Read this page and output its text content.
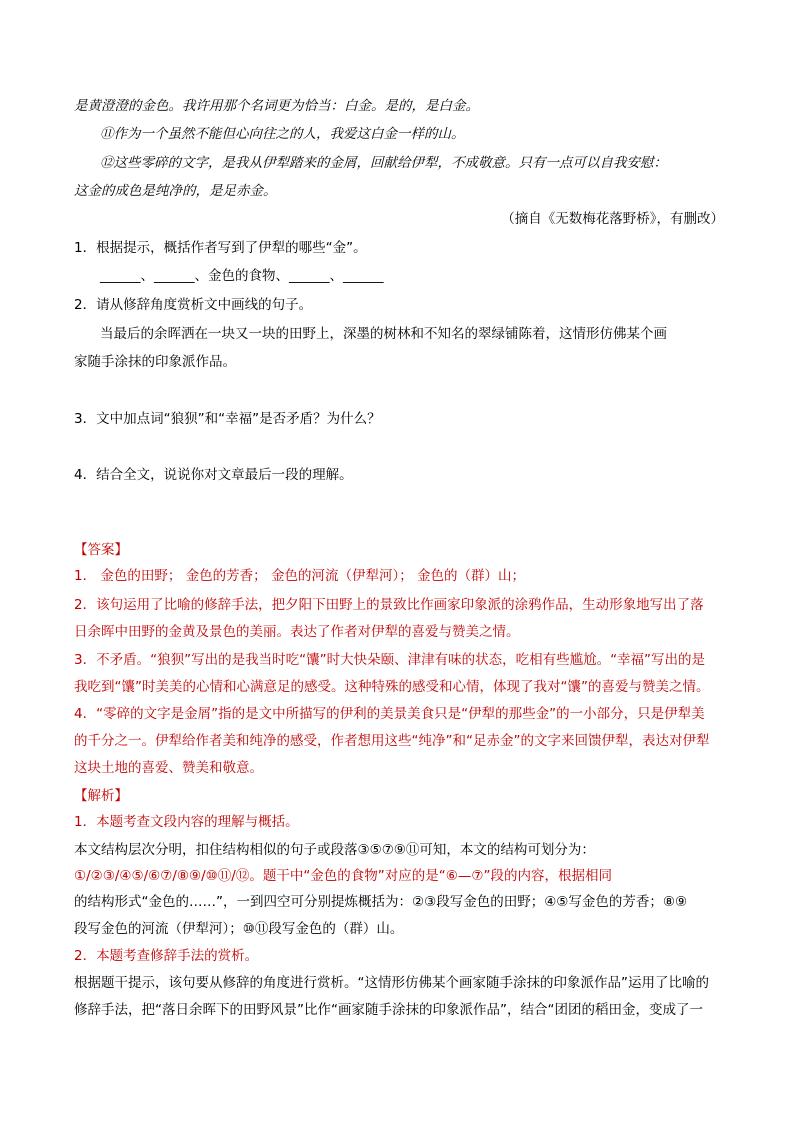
是黄澄澄的金色。我许用那个名词更为恰当：白金。是的，是白金。
⑪作为一个虽然不能但心向往之的人，我爱这白金一样的山。
⑫这些零碎的文字，是我从伊犁踏来的金屑，回献给伊犁，不成敬意。只有一点可以自我安慰：
这金的成色是纯净的，是足赤金。
（摘自《无数梅花落野桥》，有删改）
1．根据提示，概括作者写到了伊犁的哪些“金”。
______、______、金色的食物、______、______
2．请从修辞角度赏析文中画线的句子。
当最后的余晖洒在一块又一块的田野上，深墨的树林和不知名的翠绿铺陈着，这情形仿佛某个画
家随手涂抹的印象派作品。
3．文中加点词“狼狈”和“幸福”是否矛盾？为什么？
4．结合全文，说说你对文章最后一段的理解。
【答案】
1． 金色的田野； 金色的芳香； 金色的河流（伊犁河）； 金色的（群）山；
2．该句运用了比喻的修辞手法，把夕阳下田野上的景致比作画家印象派的涂鸦作品，生动形象地写出了落
日余晖中田野的金黄及景色的美丽。表达了作者对伊犁的喜爱与赞美之情。
3．不矛盾。“狼狈”写出的是我当时吃“馕”时大快朵颐、津津有味的状态，吃相有些尴尬。“幸福”写出的是
我吃到“馕”时美美的心情和心满意足的感受。这种特殊的感受和心情，体现了我对“馕”的喜爱与赞美之情。
4．“零碎的文字是金屑”指的是文中所描写的伊利的美景美食只是“伊犁的那些金”的一小部分，只是伊犁美
的千分之一。伊犁给作者美和纯净的感受，作者想用这些“纯净”和“足赤金”的文字来回馈伊犁，表达对伊犁
这块土地的喜爱、赞美和敬意。
【解析】
1．本题考查文段内容的理解与概括。
本文结构层次分明，扣住结构相似的句子或段落③⑤⑦⑨⑪可知，本文的结构可划分为：
①/②③/④⑤/⑥⑦/⑧⑨/⑩⑪/⑫。题干中“金色的食物”对应的是“⑥—⑦”段的内容，根据相同
的结构形式“金色的……”，一到四空可分别提炼概括为：②③段写金色的田野；④⑤写金色的芳香；⑧⑨
段写金色的河流（伊犁河）；⑩⑪段写金色的（群）山。
2．本题考查修辞手法的赏析。
根据题干提示，该句要从修辞的角度进行赏析。“这情形仿佛某个画家随手涂抹的印象派作品”运用了比喻的
修辞手法，把“落日余晖下的田野风景”比作“画家随手涂抹的印象派作品”，结合“团团的稻田金，变成了一
